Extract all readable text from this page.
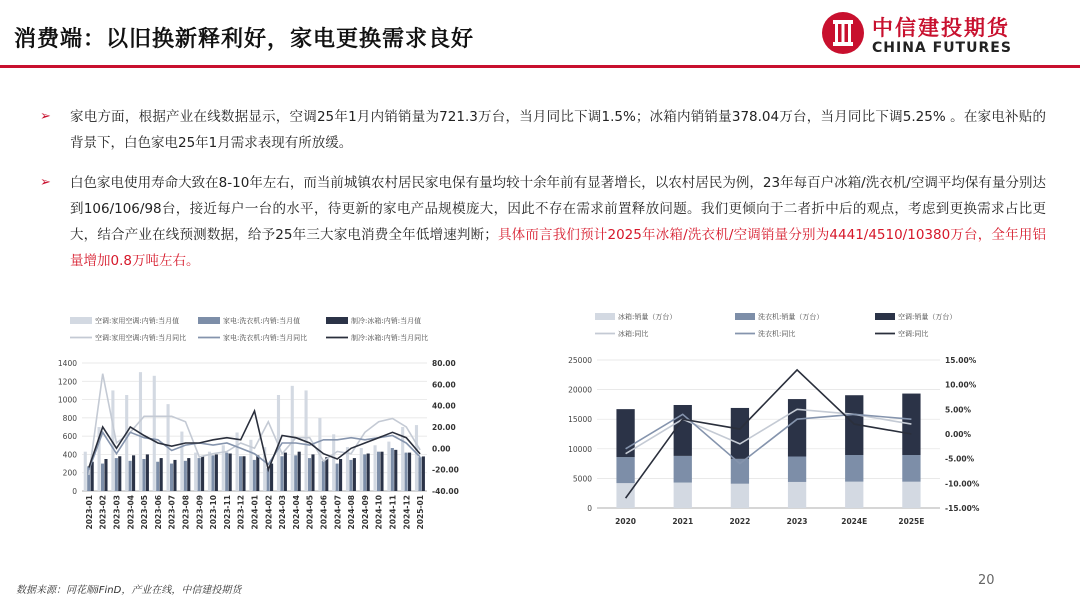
消费端：以旧换新释利好，家电更换需求良好	中信建投期货
CHINA FUTURES
➢ 家电方面，根据产业在线数据显示，空调25年1月内销销量为721.3万台，当月同比下调1.5%；冰箱内销销量378.04万台，当月同比下调5.25% 。在家电补贴的背景下，白色家电25年1月需求表现有所放缓。
➢ 白色家电使用寿命大致在8-10年左右，而当前城镇农村居民家电保有量均较十余年前有显著增长，以农村居民为例，23年每百户冰箱/洗衣机/空调平均保有量分别达到106/106/98台，接近每户一台的水平，待更新的家电产品规模庞大，因此不存在需求前置释放问题。我们更倾向于二者折中后的观点，考虑到更换需求占比更大，结合产业在线预测数据，给予25年三大家电消费全年低增速判断；具体而言我们预计2025年冰箱/洗衣机/空调销量分别为4441/4510/10380万台，全年用铝量增加0.8万吨左右。
空调:家用空调:内销:当月值	家电:洗衣机:内销:当月值	制冷:冰箱:内销:当月值
空调:家用空调:内销:当月同比	家电:洗衣机:内销:当月同比	制冷:冰箱:内销:当月同比
0
200
400
600
800
1000
1200
1400
-40.00
-20.00
0.00
20.00
40.00
60.00
80.00
2023-01 2023-02 2023-03 2023-04 2023-05 2023-06 2023-07 2023-08 2023-09 2023-10 2023-11 2023-12 2024-01 2024-02 2024-03 2024-04 2024-05 2024-06 2024-07 2024-08 2024-09 2024-10 2024-11 2024-12 2025-01
冰箱:销量（万台）	洗衣机:销量（万台）	空调:销量（万台）
冰箱:同比	洗衣机:同比	空调:同比
0
5000
10000
15000
20000
25000
-15.00%
-10.00%
-5.00%
0.00%
5.00%
10.00%
15.00%
2020	2021	2022	2023	2024E	2025E
数据来源：同花顺iFinD，产业在线，中信建投期货
20
